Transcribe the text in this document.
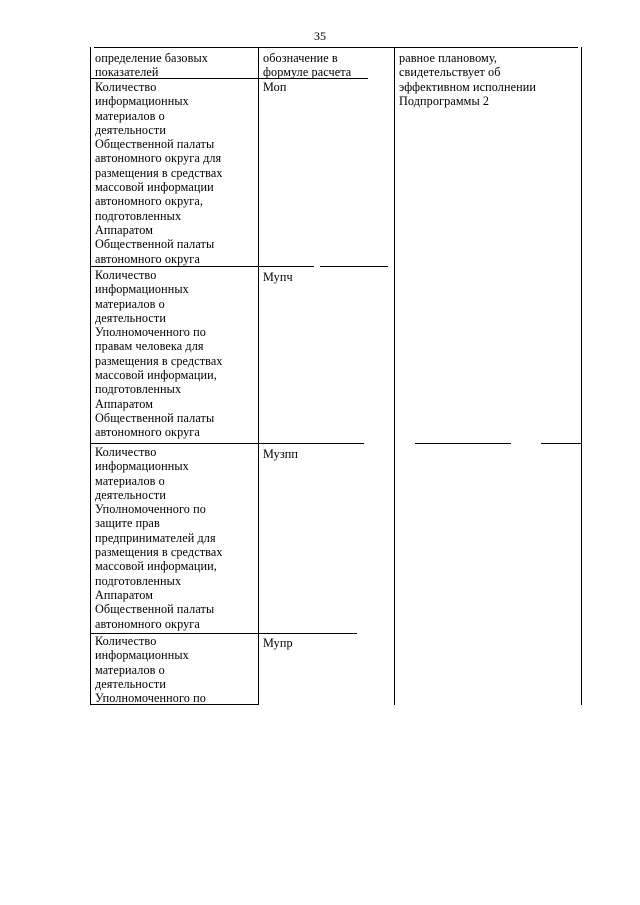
35
определение базовых
показателей
обозначение в
формуле расчета
равное плановому,
свидетельствует об
эффективном исполнении
Подпрограммы 2
Количество
информационных
материалов о
деятельности
Общественной палаты
автономного округа для
размещения в средствах
массовой информации
автономного округа,
подготовленных
Аппаратом
Общественной палаты
автономного округа
Моп
Количество
информационных
материалов о
деятельности
Уполномоченного по
правам человека для
размещения в средствах
массовой информации,
подготовленных
Аппаратом
Общественной палаты
автономного округа
Мупч
Количество
информационных
материалов о
деятельности
Уполномоченного по
защите прав
предпринимателей для
размещения в средствах
массовой информации,
подготовленных
Аппаратом
Общественной палаты
автономного округа
Музпп
Количество
информационных
материалов о
деятельности
Уполномоченного по
Мупр
